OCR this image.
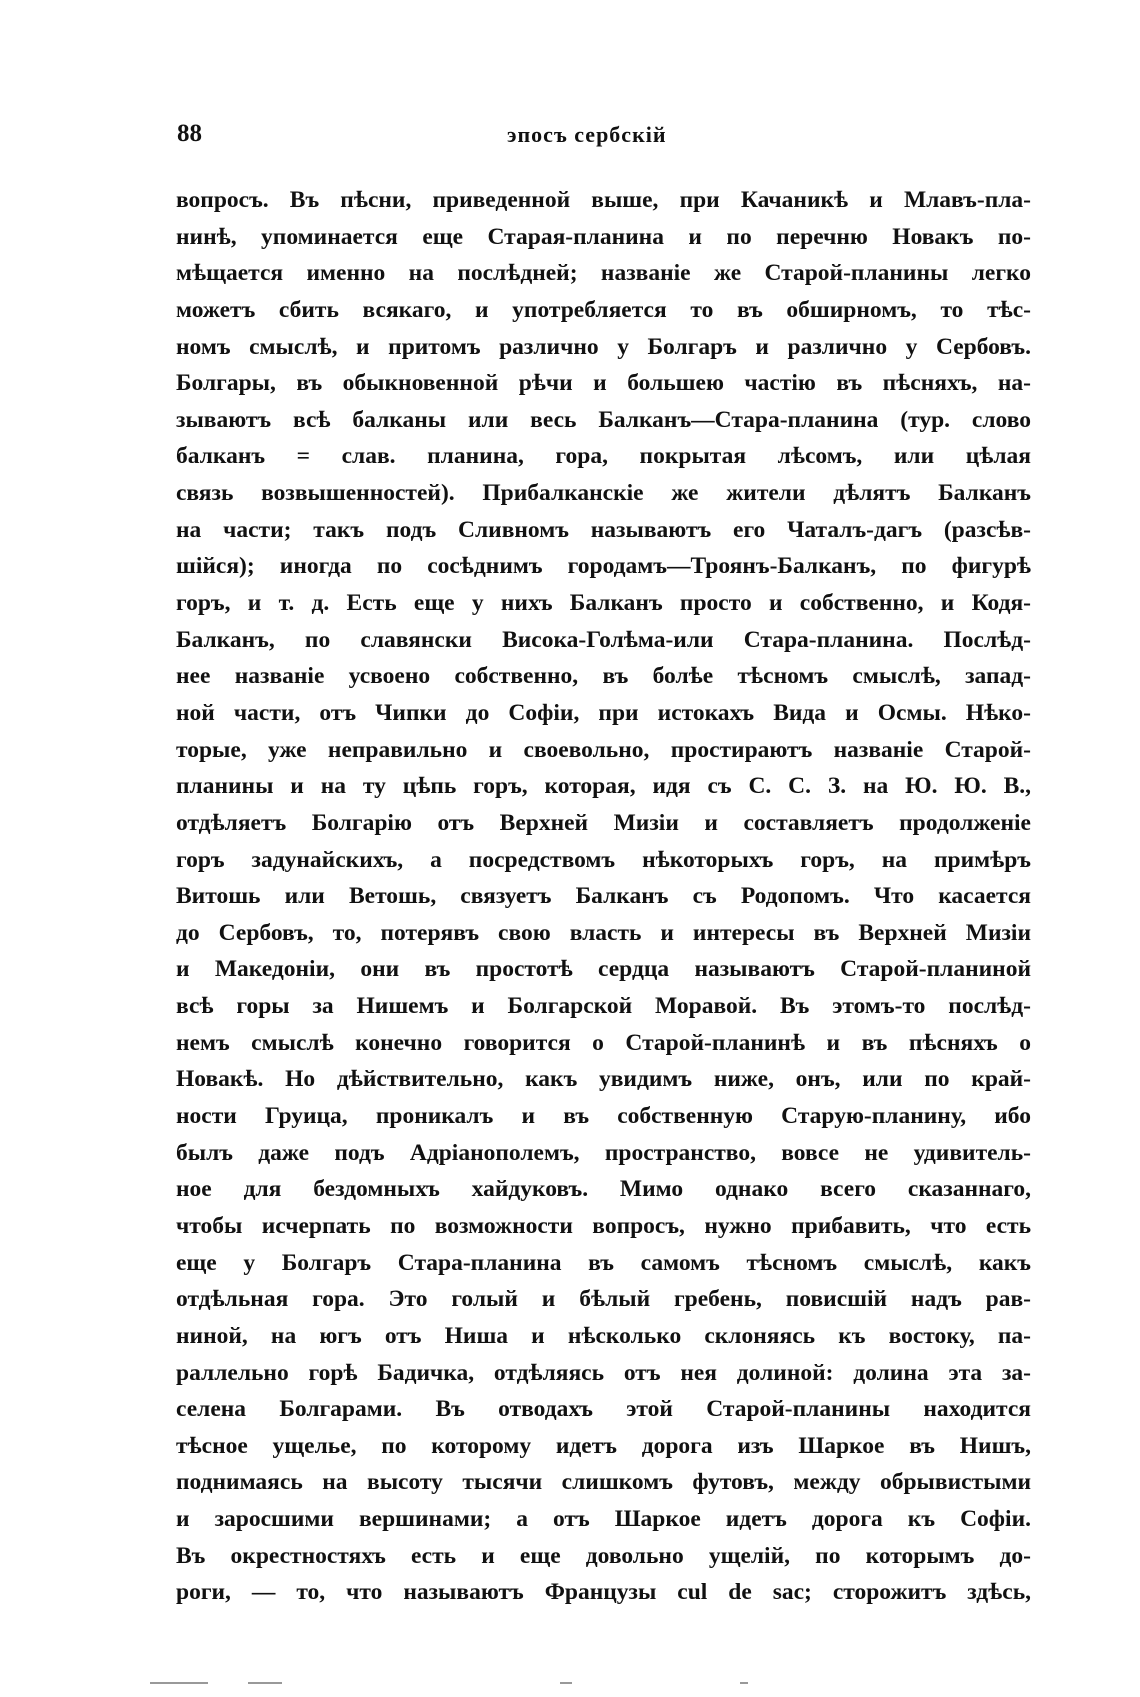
88	эпосъ сербскій
вопросъ. Въ пѣсни, приведенной выше, при Качаникѣ и Млавъ-пла-
нинѣ, упоминается еще Старая-планина и по перечню Новакъ по-
мѣщается именно на послѣдней; названіе же Старой-планины легко
можетъ сбить всякаго, и употребляется то въ обширномъ, то тѣс-
номъ смыслѣ, и притомъ различно у Болгаръ и различно у Сербовъ.
Болгары, въ обыкновенной рѣчи и большею частію въ пѣсняхъ, на-
зываютъ всѣ балканы или весь Балканъ—Стара-планина (тур. слово
балканъ = слав. планина, гора, покрытая лѣсомъ, или цѣлая
связь возвышенностей). Прибалканскіе же жители дѣлятъ Балканъ
на части; такъ подъ Сливномъ называютъ его Чаталъ-дагъ (разсѣв-
шійся); иногда по сосѣднимъ городамъ—Троянъ-Балканъ, по фигурѣ
горъ, и т. д. Есть еще у нихъ Балканъ просто и собственно, и Кодя-
Балканъ, по славянски Висока-Голѣма-или Стара-планина. Послѣд-
нее названіе усвоено собственно, въ болѣе тѣсномъ смыслѣ, запад-
ной части, отъ Чипки до Софіи, при истокахъ Вида и Осмы. Нѣко-
торые, уже неправильно и своевольно, простираютъ названіе Старой-
планины и на ту цѣпь горъ, которая, идя съ С. С. З. на Ю. Ю. В.,
отдѣляетъ Болгарію отъ Верхней Мизіи и составляетъ продолженіе
горъ задунайскихъ, а посредствомъ нѣкоторыхъ горъ, на примѣръ
Витошь или Ветошь, связуетъ Балканъ съ Родопомъ. Что касается
до Сербовъ, то, потерявъ свою власть и интересы въ Верхней Мизіи
и Македоніи, они въ простотѣ сердца называютъ Старой-планиной
всѣ горы за Нишемъ и Болгарской Моравой. Въ этомъ-то послѣд-
немъ смыслѣ конечно говорится о Старой-планинѣ и въ пѣсняхъ о
Новакѣ. Но дѣйствительно, какъ увидимъ ниже, онъ, или по край-
ности Груица, проникалъ и въ собственную Старую-планину, ибо
былъ даже подъ Адріанополемъ, пространство, вовсе не удивитель-
ное для бездомныхъ хайдуковъ. Мимо однако всего сказаннаго,
чтобы исчерпать по возможности вопросъ, нужно прибавить, что есть
еще у Болгаръ Стара-планина въ самомъ тѣсномъ смыслѣ, какъ
отдѣльная гора. Это голый и бѣлый гребень, повисшій надъ рав-
ниной, на югъ отъ Ниша и нѣсколько склоняясь къ востоку, па-
раллельно горѣ Бадичка, отдѣляясь отъ нея долиной: долина эта за-
селена Болгарами. Въ отводахъ этой Старой-планины находится
тѣсное ущелье, по которому идетъ дорога изъ Шаркое въ Нишъ,
поднимаясь на высоту тысячи слишкомъ футовъ, между обрывистыми
и заросшими вершинами; а отъ Шаркое идетъ дорога къ Софіи.
Въ окрестностяхъ есть и еще довольно ущелій, по которымъ до-
роги, — то, что называютъ Французы cul de sac; сторожитъ здѣсь,
